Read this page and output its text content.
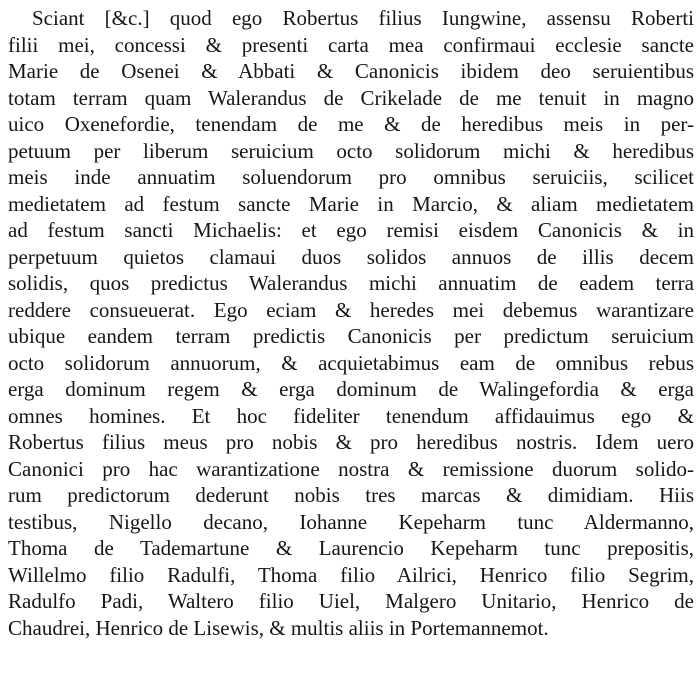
Sciant [&c.] quod ego Robertus filius Iungwine, assensu Roberti
filii mei, concessi & presenti carta mea confirmaui ecclesie sancte
Marie de Osenei & Abbati & Canonicis ibidem deo seruientibus
totam terram quam Walerandus de Crikelade de me tenuit in magno
uico Oxenefordie, tenendam de me & de heredibus meis in per-
petuum per liberum seruicium octo solidorum michi & heredibus
meis inde annuatim soluendorum pro omnibus seruiciis, scilicet
medietatem ad festum sancte Marie in Marcio, & aliam medietatem
ad festum sancti Michaelis: et ego remisi eisdem Canonicis & in
perpetuum quietos clamaui duos solidos annuos de illis decem
solidis, quos predictus Walerandus michi annuatim de eadem terra
reddere consueuerat. Ego eciam & heredes mei debemus warantizare
ubique eandem terram predictis Canonicis per predictum seruicium
octo solidorum annuorum, & acquietabimus eam de omnibus rebus
erga dominum regem & erga dominum de Walingefordia & erga
omnes homines. Et hoc fideliter tenendum affidauimus ego &
Robertus filius meus pro nobis & pro heredibus nostris. Idem uero
Canonici pro hac warantizatione nostra & remissione duorum solido-
rum predictorum dederunt nobis tres marcas & dimidiam. Hiis
testibus, Nigello decano, Iohanne Kepeharm tunc Aldermanno,
Thoma de Tademartune & Laurencio Kepeharm tunc prepositis,
Willelmo filio Radulfi, Thoma filio Ailrici, Henrico filio Segrim,
Radulfo Padi, Waltero filio Uiel, Malgero Unitario, Henrico de
Chaudrei, Henrico de Lisewis, & multis aliis in Portemannemot.
